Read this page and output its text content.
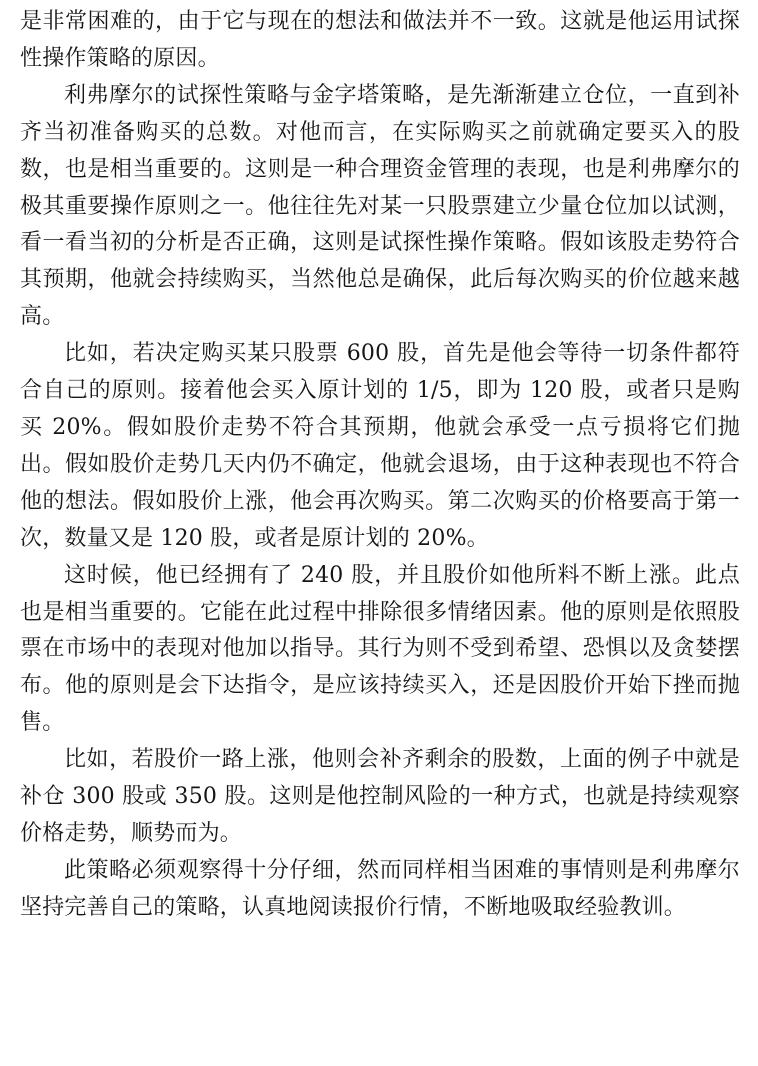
是非常困难的，由于它与现在的想法和做法并不一致。这就是他运用试探性操作策略的原因。

利弗摩尔的试探性策略与金字塔策略，是先渐渐建立仓位，一直到补齐当初准备购买的总数。对他而言，在实际购买之前就确定要买入的股数，也是相当重要的。这则是一种合理资金管理的表现，也是利弗摩尔的极其重要操作原则之一。他往往先对某一只股票建立少量仓位加以试测，看一看当初的分析是否正确，这则是试探性操作策略。假如该股走势符合其预期，他就会持续购买，当然他总是确保，此后每次购买的价位越来越高。

比如，若决定购买某只股票 600 股，首先是他会等待一切条件都符合自己的原则。接着他会买入原计划的 1/5，即为 120 股，或者只是购买 20%。假如股价走势不符合其预期，他就会承受一点亏损将它们抛出。假如股价走势几天内仍不确定，他就会退场，由于这种表现也不符合他的想法。假如股价上涨，他会再次购买。第二次购买的价格要高于第一次，数量又是 120 股，或者是原计划的 20%。

这时候，他已经拥有了 240 股，并且股价如他所料不断上涨。此点也是相当重要的。它能在此过程中排除很多情绪因素。他的原则是依照股票在市场中的表现对他加以指导。其行为则不受到希望、恐惧以及贪婪摆布。他的原则是会下达指令，是应该持续买入，还是因股价开始下挫而抛售。

比如，若股价一路上涨，他则会补齐剩余的股数，上面的例子中就是补仓 300 股或 350 股。这则是他控制风险的一种方式，也就是持续观察价格走势，顺势而为。

此策略必须观察得十分仔细，然而同样相当困难的事情则是利弗摩尔坚持完善自己的策略，认真地阅读报价行情，不断地吸取经验教训。
